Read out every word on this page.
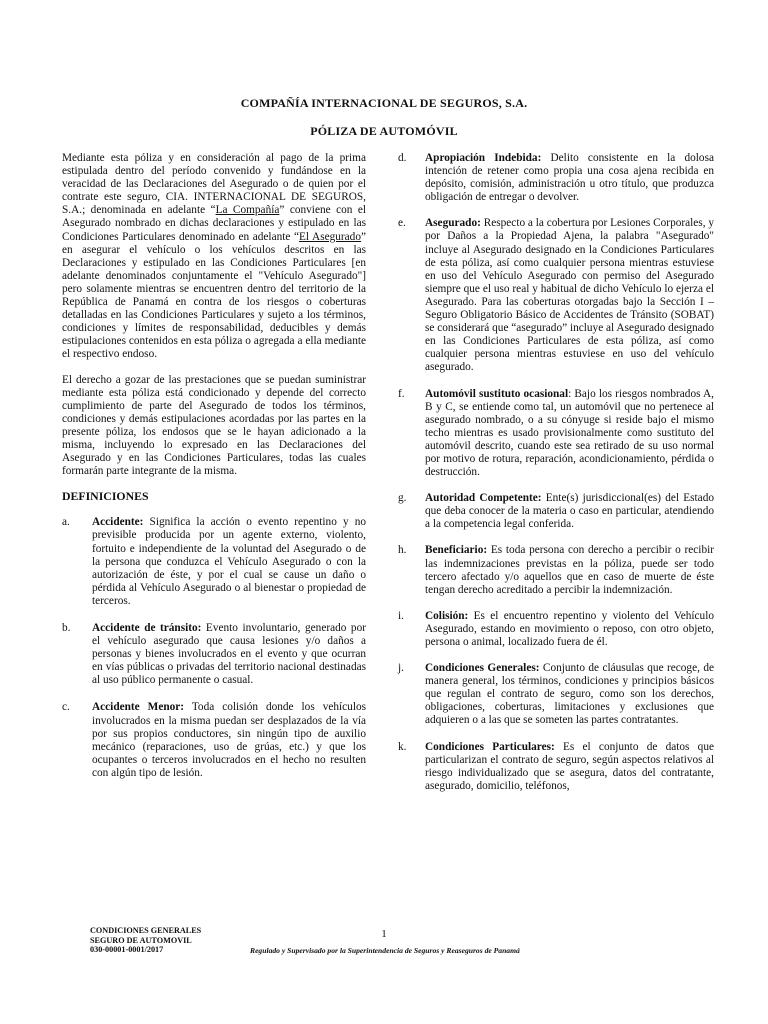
COMPAÑÍA INTERNACIONAL DE SEGUROS, S.A.
PÓLIZA DE AUTOMÓVIL

Mediante esta póliza y en consideración al pago de la prima estipulada dentro del período convenido y fundándose en la veracidad de las Declaraciones del Asegurado o de quien por el contrate este seguro, CIA. INTERNACIONAL DE SEGUROS, S.A.; denominada en adelante “La Compañía” conviene con el Asegurado nombrado en dichas declaraciones y estipulado en las Condiciones Particulares denominado en adelante “El Asegurado” en asegurar el vehículo o los vehículos descritos en las Declaraciones y estipulado en las Condiciones Particulares [en adelante denominados conjuntamente el "Vehículo Asegurado"] pero solamente mientras se encuentren dentro del territorio de la República de Panamá en contra de los riesgos o coberturas detalladas en las Condiciones Particulares y sujeto a los términos, condiciones y límites de responsabilidad, deducibles y demás estipulaciones contenidos en esta póliza o agregada a ella mediante el respectivo endoso.

El derecho a gozar de las prestaciones que se puedan suministrar mediante esta póliza está condicionado y depende del correcto cumplimiento de parte del Asegurado de todos los términos, condiciones y demás estipulaciones acordadas por las partes en la presente póliza, los endosos que se le hayan adicionado a la misma, incluyendo lo expresado en las Declaraciones del Asegurado y en las Condiciones Particulares, todas las cuales formarán parte integrante de la misma.

DEFINICIONES
a. Accidente: Significa la acción o evento repentino y no previsible producida por un agente externo, violento, fortuito e independiente de la voluntad del Asegurado o de la persona que conduzca el Vehículo Asegurado o con la autorización de éste, y por el cual se cause un daño o pérdida al Vehículo Asegurado o al bienestar o propiedad de terceros.

b. Accidente de tránsito: Evento involuntario, generado por el vehículo asegurado que causa lesiones y/o daños a personas y bienes involucrados en el evento y que ocurran en vías públicas o privadas del territorio nacional destinadas al uso público permanente o casual.

c. Accidente Menor: Toda colisión donde los vehículos involucrados en la misma puedan ser desplazados de la vía por sus propios conductores, sin ningún tipo de auxilio mecánico (reparaciones, uso de grúas, etc.) y que los ocupantes o terceros involucrados en el hecho no resulten con algún tipo de lesión.

d. Apropiación Indebida: Delito consistente en la dolosa intención de retener como propia una cosa ajena recibida en depósito, comisión, administración u otro título, que produzca obligación de entregar o devolver.

e. Asegurado: Respecto a la cobertura por Lesiones Corporales, y por Daños a la Propiedad Ajena, la palabra "Asegurado" incluye al Asegurado designado en la Condiciones Particulares de esta póliza, así como cualquier persona mientras estuviese en uso del Vehículo Asegurado con permiso del Asegurado siempre que el uso real y habitual de dicho Vehículo lo ejerza el Asegurado. Para las coberturas otorgadas bajo la Sección I – Seguro Obligatorio Básico de Accidentes de Tránsito (SOBAT) se considerará que “asegurado” incluye al Asegurado designado en las Condiciones Particulares de esta póliza, así como cualquier persona mientras estuviese en uso del vehículo asegurado.

f. Automóvil sustituto ocasional: Bajo los riesgos nombrados A, B y C, se entiende como tal, un automóvil que no pertenece al asegurado nombrado, o a su cónyuge si reside bajo el mismo techo mientras es usado provisionalmente como sustituto del automóvil descrito, cuando este sea retirado de su uso normal por motivo de rotura, reparación, acondicionamiento, pérdida o destrucción.

g. Autoridad Competente: Ente(s) jurisdiccional(es) del Estado que deba conocer de la materia o caso en particular, atendiendo a la competencia legal conferida.

h. Beneficiario: Es toda persona con derecho a percibir o recibir las indemnizaciones previstas en la póliza, puede ser todo tercero afectado y/o aquellos que en caso de muerte de éste tengan derecho acreditado a percibir la indemnización.

i. Colisión: Es el encuentro repentino y violento del Vehículo Asegurado, estando en movimiento o reposo, con otro objeto, persona o animal, localizado fuera de él.

j. Condiciones Generales: Conjunto de cláusulas que recoge, de manera general, los términos, condiciones y principios básicos que regulan el contrato de seguro, como son los derechos, obligaciones, coberturas, limitaciones y exclusiones que adquieren o a las que se someten las partes contratantes.

k. Condiciones Particulares: Es el conjunto de datos que particularizan el contrato de seguro, según aspectos relativos al riesgo individualizado que se asegura, datos del contratante, asegurado, domicilio, teléfonos,

CONDICIONES GENERALES
SEGURO DE AUTOMOVIL
030-00001-0001/2017
1
Regulado y Supervisado por la Superintendencia de Seguros y Reaseguros de Panamá
